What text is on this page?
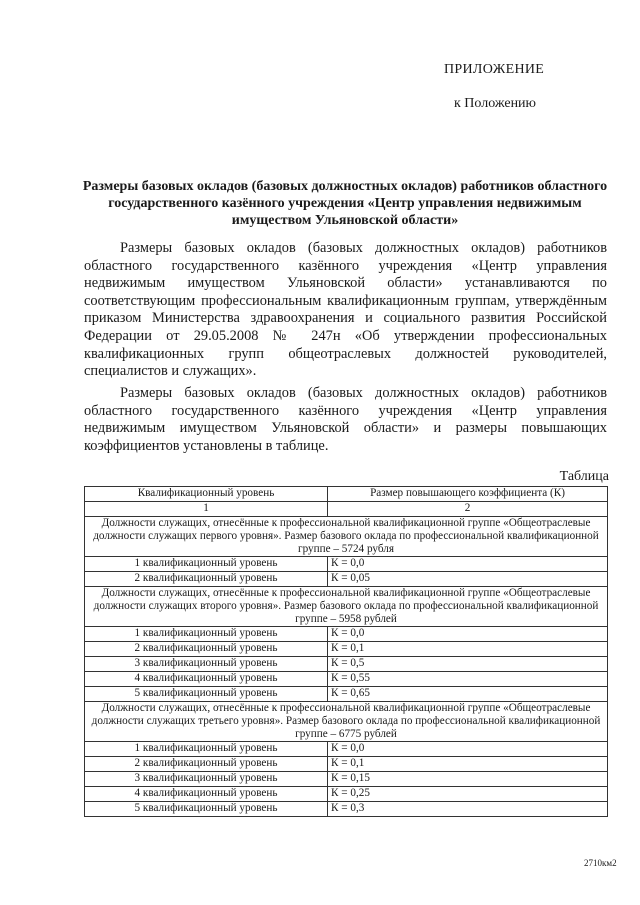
ПРИЛОЖЕНИЕ
к Положению
Размеры базовых окладов (базовых должностных окладов) работников областного государственного казённого учреждения «Центр управления недвижимым имуществом Ульяновской области»

Размеры базовых окладов (базовых должностных окладов) работников областного государственного казённого учреждения «Центр управления недвижимым имуществом Ульяновской области» устанавливаются по соответствующим профессиональным квалификационным группам, утверждённым приказом Министерства здравоохранения и социального развития Российской Федерации от 29.05.2008 № 247н «Об утверждении профессиональных квалификационных групп общеотраслевых должностей руководителей, специалистов и служащих».

Размеры базовых окладов (базовых должностных окладов) работников областного государственного казённого учреждения «Центр управления недвижимым имуществом Ульяновской области» и размеры повышающих коэффициентов установлены в таблице.

Таблица
Квалификационный уровень	Размер повышающего коэффициента (К)
1	2
Должности служащих, отнесённые к профессиональной квалификационной группе «Общеотраслевые должности служащих первого уровня». Размер базового оклада по профессиональной квалификационной группе – 5724 рубля	
1 квалификационный уровень	К = 0,0
2 квалификационный уровень	К = 0,05
Должности служащих, отнесённые к профессиональной квалификационной группе «Общеотраслевые должности служащих второго уровня». Размер базового оклада по профессиональной квалификационной группе – 5958 рублей	
1 квалификационный уровень	К = 0,0
2 квалификационный уровень	К = 0,1
3 квалификационный уровень	К = 0,5
4 квалификационный уровень	К = 0,55
5 квалификационный уровень	К = 0,65
Должности служащих, отнесённые к профессиональной квалификационной группе «Общеотраслевые должности служащих третьего уровня». Размер базового оклада по профессиональной квалификационной группе – 6775 рублей	
1 квалификационный уровень	К = 0,0
2 квалификационный уровень	К = 0,1
3 квалификационный уровень	К = 0,15
4 квалификационный уровень	К = 0,25
5 квалификационный уровень	К = 0,3
2710км2
